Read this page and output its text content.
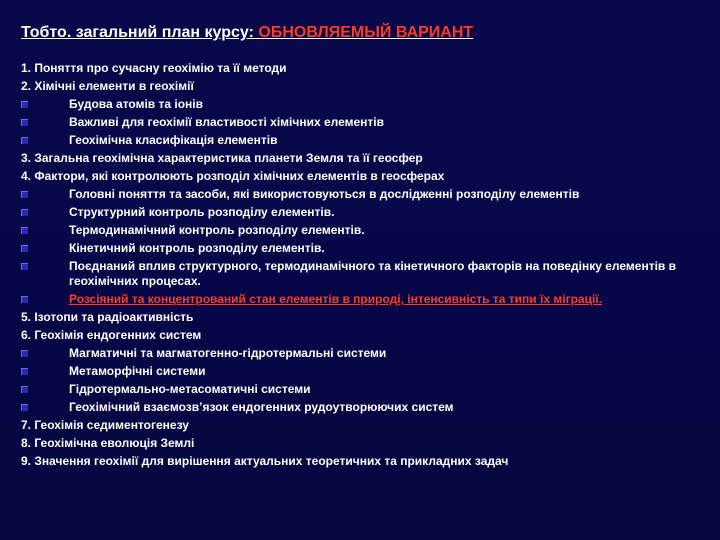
Тобто. загальний план курсу: ОБНОВЛЯЕМЫЙ ВАРИАНТ
1. Поняття про сучасну геохімію та її методи
2. Хімічні елементи в геохімії
Будова атомів та іонів
Важливі для геохімії властивості хімічних елементів
Геохімічна класифікація елементів
3. Загальна геохімічна характеристика планети Земля та її геосфер
4. Фактори, які контролюють розподіл хімічних елементів в геосферах
Головні поняття та засоби, які використовуються в дослідженні розподілу елементів
Структурний контроль розподілу елементів.
Термодинамічний контроль розподілу елементів.
Кінетичний контроль розподілу елементів.
Поєднаний вплив структурного, термодинамічного та кінетичного факторів на поведінку елементів в геохімічних процесах.
Розсіяний та концентрований стан елементів в природі, інтенсивність та типи їх міграції.
5. Ізотопи та радіоактивність
6. Геохімія ендогенних систем
Магматичні та магматогенно-гідротермальні системи
Метаморфічні системи
Гідротермально-метасоматичні системи
Геохімічний взаємозв’язок ендогенних рудоутворюючих систем
7. Геохімія седиментогенезу
8. Геохімічна еволюція Землі
9. Значення геохімії для вирішення актуальних теоретичних та прикладних задач
